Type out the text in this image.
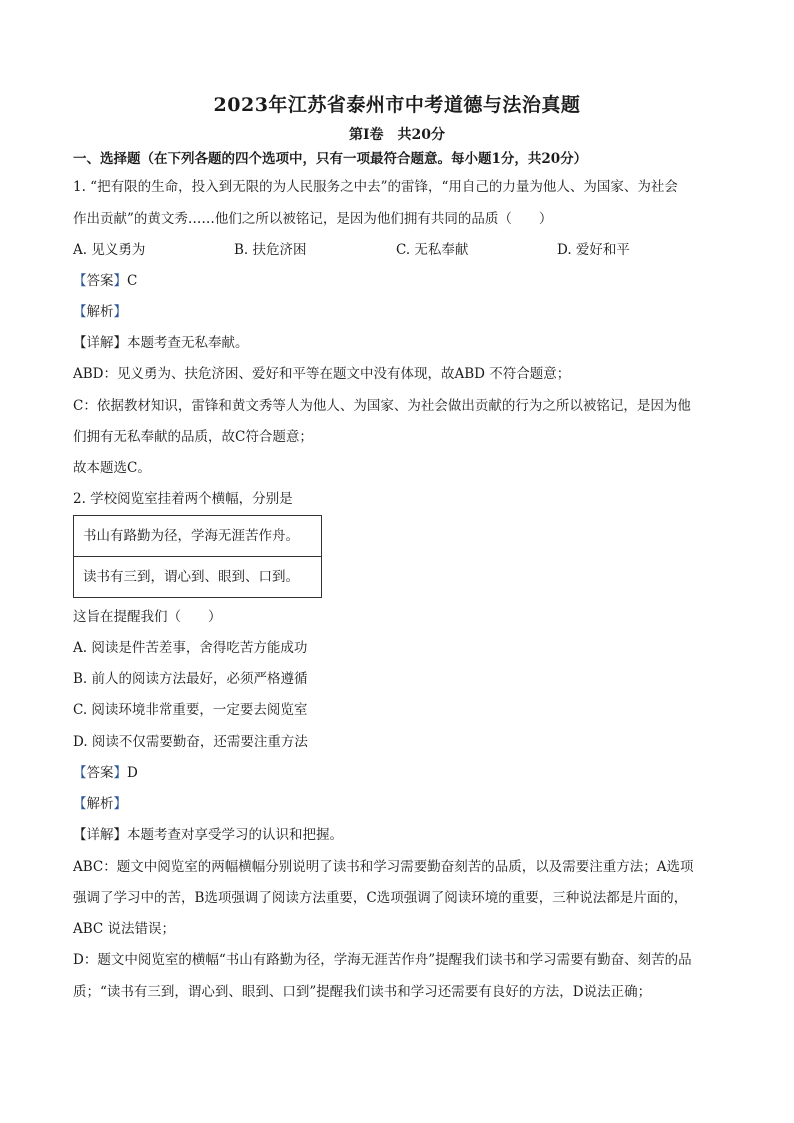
2023年江苏省泰州市中考道德与法治真题
第Ⅰ卷　共20分
一、选择题（在下列各题的四个选项中，只有一项最符合题意。每小题1分，共20分）
1. “把有限的生命，投入到无限的为人民服务之中去”的雷锋，“用自己的力量为他人、为国家、为社会
作出贡献”的黄文秀……他们之所以被铭记，是因为他们拥有共同的品质（　　）
A. 见义勇为	B. 扶危济困	C. 无私奉献	D. 爱好和平
【答案】C
【解析】
【详解】本题考查无私奉献。
ABD：见义勇为、扶危济困、爱好和平等在题文中没有体现，故ABD 不符合题意；
C：依据教材知识，雷锋和黄文秀等人为他人、为国家、为社会做出贡献的行为之所以被铭记，是因为他
们拥有无私奉献的品质，故C符合题意；
故本题选C。
2. 学校阅览室挂着两个横幅，分别是
书山有路勤为径，学海无涯苦作舟。
读书有三到，谓心到、眼到、口到。
这旨在提醒我们（　　）
A. 阅读是件苦差事，舍得吃苦方能成功
B. 前人的阅读方法最好，必须严格遵循
C. 阅读环境非常重要，一定要去阅览室
D. 阅读不仅需要勤奋，还需要注重方法
【答案】D
【解析】
【详解】本题考查对享受学习的认识和把握。
ABC：题文中阅览室的两幅横幅分别说明了读书和学习需要勤奋刻苦的品质，以及需要注重方法；A选项
强调了学习中的苦，B选项强调了阅读方法重要，C选项强调了阅读环境的重要，三种说法都是片面的，
ABC 说法错误；
D：题文中阅览室的横幅“书山有路勤为径，学海无涯苦作舟”提醒我们读书和学习需要有勤奋、刻苦的品
质；“读书有三到，谓心到、眼到、口到”提醒我们读书和学习还需要有良好的方法，D说法正确；
